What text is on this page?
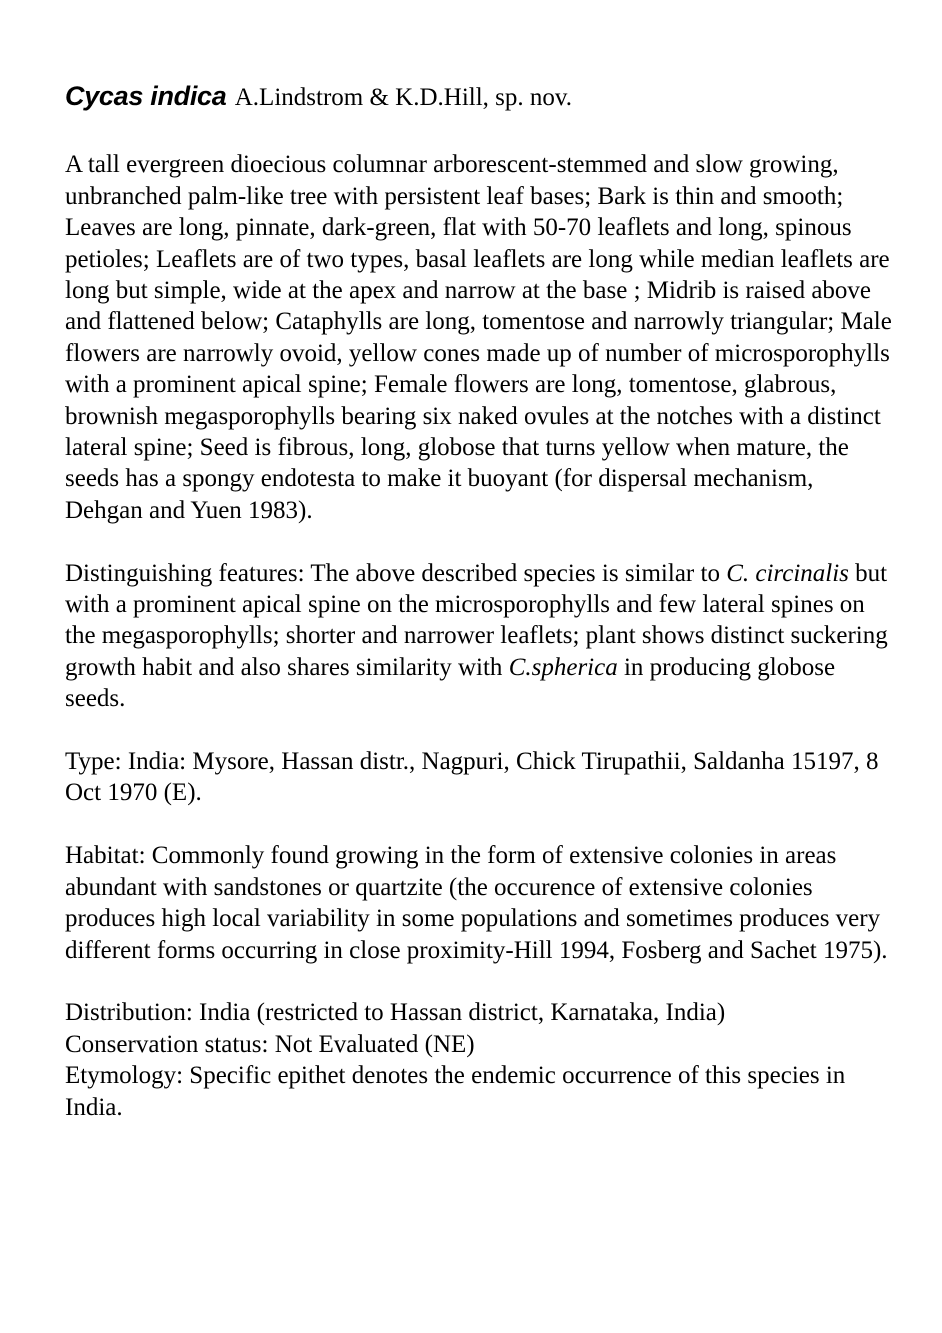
Cycas indica A.Lindstrom & K.D.Hill, sp. nov.

A tall evergreen dioecious columnar arborescent-stemmed and slow growing, unbranched palm-like tree with persistent leaf bases; Bark is thin and smooth; Leaves are long, pinnate, dark-green, flat with 50-70 leaflets and long, spinous petioles; Leaflets are of two types, basal leaflets are long while median leaflets are long but simple, wide at the apex and narrow at the base ; Midrib is raised above and flattened below; Cataphylls are long, tomentose and narrowly triangular; Male flowers are narrowly ovoid, yellow cones made up of number of microsporophylls with a prominent apical spine; Female flowers are long, tomentose, glabrous, brownish megasporophylls bearing six naked ovules at the notches with a distinct lateral spine; Seed is fibrous, long, globose that turns yellow when mature, the seeds has a spongy endotesta to make it buoyant (for dispersal mechanism, Dehgan and Yuen 1983).

Distinguishing features: The above described species is similar to C. circinalis but with a prominent apical spine on the microsporophylls and few lateral spines on the megasporophylls; shorter and narrower leaflets; plant shows distinct suckering growth habit and also shares similarity with C.spherica in producing globose seeds.

Type: India: Mysore, Hassan distr., Nagpuri, Chick Tirupathii, Saldanha 15197, 8 Oct 1970 (E).

Habitat: Commonly found growing in the form of extensive colonies in areas abundant with sandstones or quartzite (the occurence of extensive colonies produces high local variability in some populations and sometimes produces very different forms occurring in close proximity-Hill 1994, Fosberg and Sachet 1975).

Distribution: India (restricted to Hassan district, Karnataka, India)

Conservation status: Not Evaluated (NE)

Etymology: Specific epithet denotes the endemic occurrence of this species in India.
